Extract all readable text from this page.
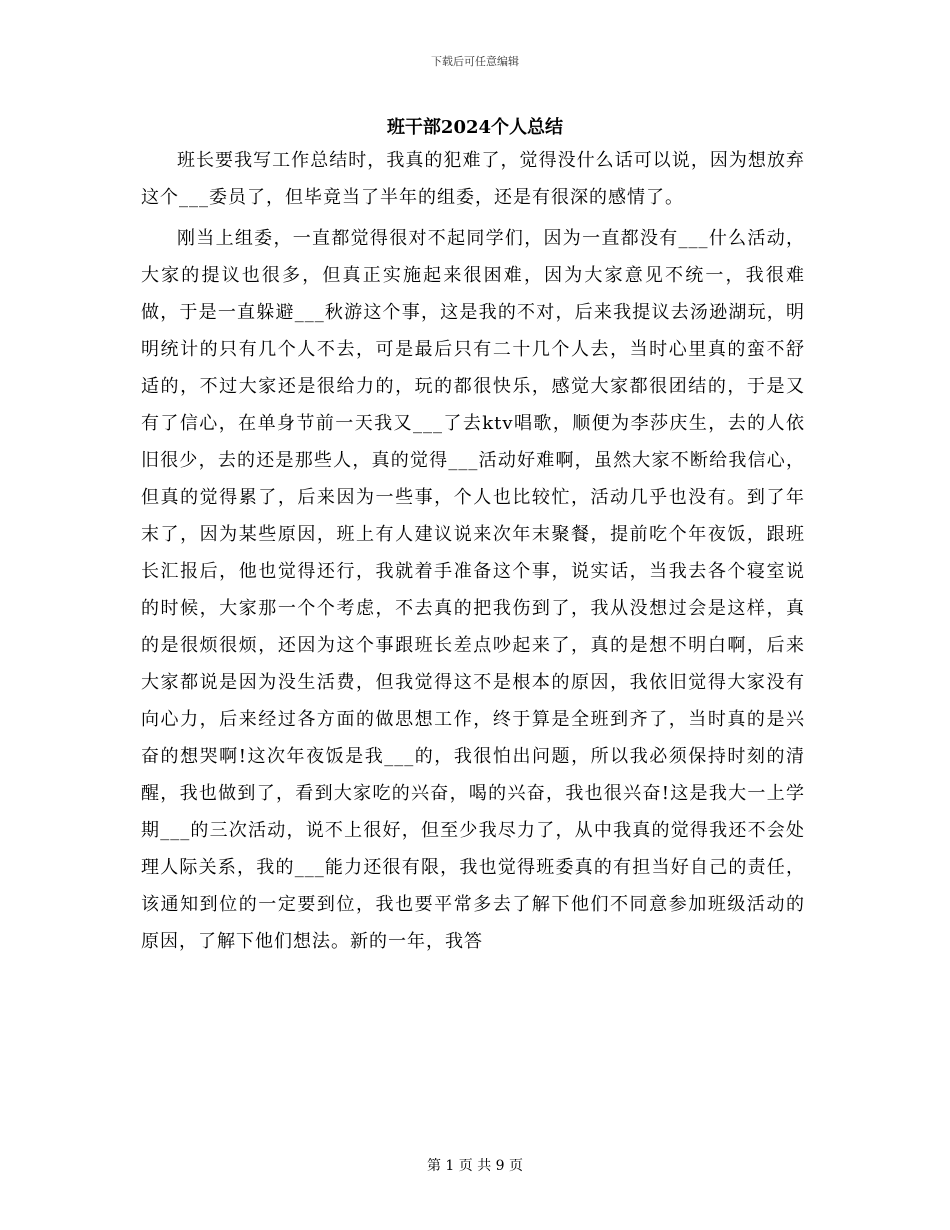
下载后可任意编辑
班干部2024个人总结

班长要我写工作总结时，我真的犯难了，觉得没什么话可以说，因为想放弃这个___委员了，但毕竟当了半年的组委，还是有很深的感情了。

刚当上组委，一直都觉得很对不起同学们，因为一直都没有___什么活动，大家的提议也很多，但真正实施起来很困难，因为大家意见不统一，我很难做，于是一直躲避___秋游这个事，这是我的不对，后来我提议去汤逊湖玩，明明统计的只有几个人不去，可是最后只有二十几个人去，当时心里真的蛮不舒适的，不过大家还是很给力的，玩的都很快乐，感觉大家都很团结的，于是又有了信心，在单身节前一天我又___了去ktv唱歌，顺便为李莎庆生，去的人依旧很少，去的还是那些人，真的觉得___活动好难啊，虽然大家不断给我信心，但真的觉得累了，后来因为一些事，个人也比较忙，活动几乎也没有。到了年末了，因为某些原因，班上有人建议说来次年末聚餐，提前吃个年夜饭，跟班长汇报后，他也觉得还行，我就着手准备这个事，说实话，当我去各个寝室说的时候，大家那一个个考虑，不去真的把我伤到了，我从没想过会是这样，真的是很烦很烦，还因为这个事跟班长差点吵起来了，真的是想不明白啊，后来大家都说是因为没生活费，但我觉得这不是根本的原因，我依旧觉得大家没有向心力，后来经过各方面的做思想工作，终于算是全班到齐了，当时真的是兴奋的想哭啊!这次年夜饭是我___的，我很怕出问题，所以我必须保持时刻的清醒，我也做到了，看到大家吃的兴奋，喝的兴奋，我也很兴奋!这是我大一上学期___的三次活动，说不上很好，但至少我尽力了，从中我真的觉得我还不会处理人际关系，我的___能力还很有限，我也觉得班委真的有担当好自己的责任，该通知到位的一定要到位，我也要平常多去了解下他们不同意参加班级活动的原因，了解下他们想法。新的一年，我答

第 1 页 共 9 页
